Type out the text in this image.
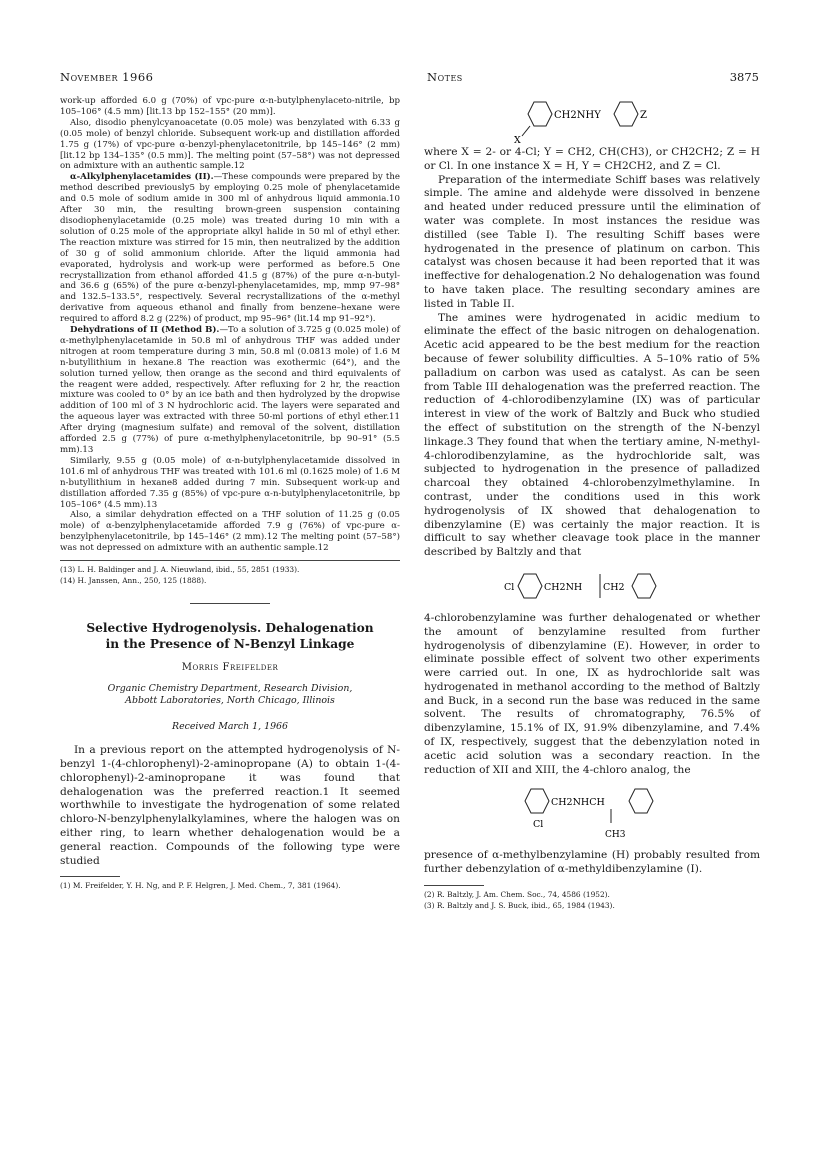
November 1966	Notes	3875

work-up afforded 6.0 g (70%) of vpc-pure α-n-butylphenylaceto-nitrile, bp 105–106° (4.5 mm) [lit.13 bp 152–155° (20 mm)].

Also, disodio phenylcyanoacetate (0.05 mole) was benzylated with 6.33 g (0.05 mole) of benzyl chloride. Subsequent work-up and distillation afforded 1.75 g (17%) of vpc-pure α-benzyl-phenylacetonitrile, bp 145–146° (2 mm) [lit.12 bp 134–135° (0.5 mm)]. The melting point (57–58°) was not depressed on admixture with an authentic sample.12

α-Alkylphenylacetamides (II).—These compounds were prepared by the method described previously5 by employing 0.25 mole of phenylacetamide and 0.5 mole of sodium amide in 300 ml of anhydrous liquid ammonia.10 After 30 min, the resulting brown-green suspension containing disodiophenylacetamide (0.25 mole) was treated during 10 min with a solution of 0.25 mole of the appropriate alkyl halide in 50 ml of ethyl ether. The reaction mixture was stirred for 15 min, then neutralized by the addition of 30 g of solid ammonium chloride. After the liquid ammonia had evaporated, hydrolysis and work-up were performed as before.5 One recrystallization from ethanol afforded 41.5 g (87%) of the pure α-n-butyl- and 36.6 g (65%) of the pure α-benzyl-phenylacetamides, mp, mmp 97–98° and 132.5–133.5°, respectively. Several recrystallizations of the α-methyl derivative from aqueous ethanol and finally from benzene–hexane were required to afford 8.2 g (22%) of product, mp 95–96° (lit.14 mp 91–92°).

Dehydrations of II (Method B).—To a solution of 3.725 g (0.025 mole) of α-methylphenylacetamide in 50.8 ml of anhydrous THF was added under nitrogen at room temperature during 3 min, 50.8 ml (0.0813 mole) of 1.6 M n-butyllithium in hexane.8 The reaction was exothermic (64°), and the solution turned yellow, then orange as the second and third equivalents of the reagent were added, respectively. After refluxing for 2 hr, the reaction mixture was cooled to 0° by an ice bath and then hydrolyzed by the dropwise addition of 100 ml of 3 N hydrochloric acid. The layers were separated and the aqueous layer was extracted with three 50-ml portions of ethyl ether.11 After drying (magnesium sulfate) and removal of the solvent, distillation afforded 2.5 g (77%) of pure α-methylphenylacetonitrile, bp 90–91° (5.5 mm).13

Similarly, 9.55 g (0.05 mole) of α-n-butylphenylacetamide dissolved in 101.6 ml of anhydrous THF was treated with 101.6 ml (0.1625 mole) of 1.6 M n-butyllithium in hexane8 added during 7 min. Subsequent work-up and distillation afforded 7.35 g (85%) of vpc-pure α-n-butylphenylacetonitrile, bp 105–106° (4.5 mm).13

Also, a similar dehydration effected on a THF solution of 11.25 g (0.05 mole) of α-benzylphenylacetamide afforded 7.9 g (76%) of vpc-pure α-benzylphenylacetonitrile, bp 145–146° (2 mm).12 The melting point (57–58°) was not depressed on admixture with an authentic sample.12

(13) L. H. Baldinger and J. A. Nieuwland, ibid., 55, 2851 (1933).
(14) H. Janssen, Ann., 250, 125 (1888).
Selective Hydrogenolysis. Dehalogenation
in the Presence of N-Benzyl Linkage
Morris Freifelder
Organic Chemistry Department, Research Division,
Abbott Laboratories, North Chicago, Illinois
Received March 1, 1966

In a previous report on the attempted hydrogenolysis of N-benzyl 1-(4-chlorophenyl)-2-aminopropane (A) to obtain 1-(4-chlorophenyl)-2-aminopropane it was found that dehalogenation was the preferred reaction.1 It seemed worthwhile to investigate the hydrogenation of some related chloro-N-benzylphenylalkylamines, where the halogen was on either ring, to learn whether dehalogenation would be a general reaction. Compounds of the following type were studied

(1) M. Freifelder, Y. H. Ng, and P. F. Helgren, J. Med. Chem., 7, 381 (1964).
X
CH2NHY	Z

where X = 2- or 4-Cl; Y = CH2, CH(CH3), or CH2CH2; Z = H or Cl. In one instance X = H, Y = CH2CH2, and Z = Cl.

Preparation of the intermediate Schiff bases was relatively simple. The amine and aldehyde were dissolved in benzene and heated under reduced pressure until the elimination of water was complete. In most instances the residue was distilled (see Table I). The resulting Schiff bases were hydrogenated in the presence of platinum on carbon. This catalyst was chosen because it had been reported that it was ineffective for dehalogenation.2 No dehalogenation was found to have taken place. The resulting secondary amines are listed in Table II.

The amines were hydrogenated in acidic medium to eliminate the effect of the basic nitrogen on dehalogenation. Acetic acid appeared to be the best medium for the reaction because of fewer solubility difficulties. A 5–10% ratio of 5% palladium on carbon was used as catalyst. As can be seen from Table III dehalogenation was the preferred reaction. The reduction of 4-chlorodibenzylamine (IX) was of particular interest in view of the work of Baltzly and Buck who studied the effect of substitution on the strength of the N-benzyl linkage.3 They found that when the tertiary amine, N-methyl-4-chlorodibenzylamine, as the hydrochloride salt, was subjected to hydrogenation in the presence of palladized charcoal they obtained 4-chlorobenzylmethylamine. In contrast, under the conditions used in this work hydrogenolysis of IX showed that dehalogenation to dibenzylamine (E) was certainly the major reaction. It is difficult to say whether cleavage took place in the manner described by Baltzly and that

Cl	CH2NH CH2

4-chlorobenzylamine was further dehalogenated or whether the amount of benzylamine resulted from further hydrogenolysis of dibenzylamine (E). However, in order to eliminate possible effect of solvent two other experiments were carried out. In one, IX as hydrochloride salt was hydrogenated in methanol according to the method of Baltzly and Buck, in a second run the base was reduced in the same solvent. The results of chromatography, 76.5% of dibenzylamine, 15.1% of IX, 91.9% dibenzylamine, and 7.4% of IX, respectively, suggest that the debenzylation noted in acetic acid solution was a secondary reaction. In the reduction of XII and XIII, the 4-chloro analog, the

CH2NHCH
Cl
CH3

presence of α-methylbenzylamine (H) probably resulted from further debenzylation of α-methyldibenzylamine (I).

(2) R. Baltzly, J. Am. Chem. Soc., 74, 4586 (1952).
(3) R. Baltzly and J. S. Buck, ibid., 65, 1984 (1943).
